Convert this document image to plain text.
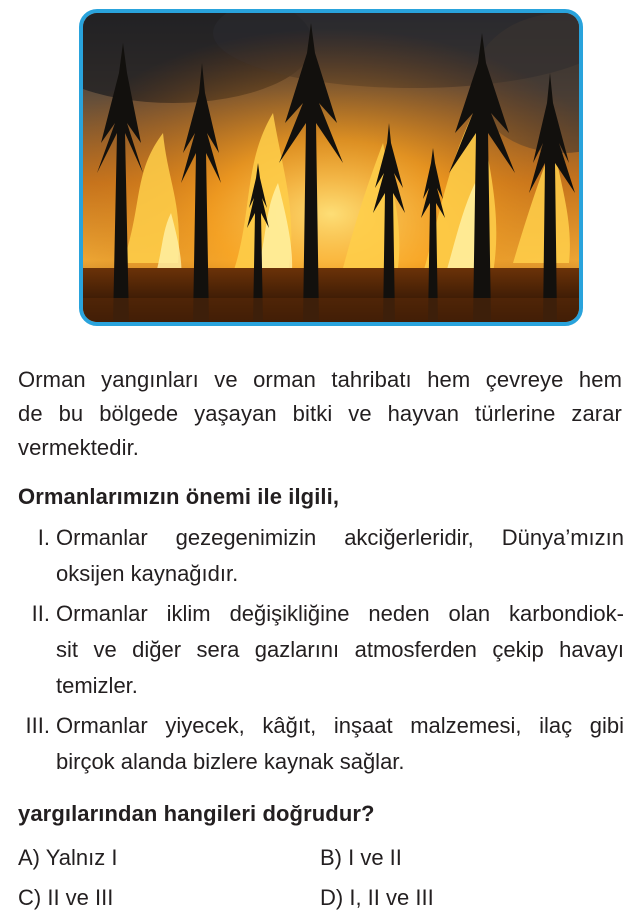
Orman yangınları ve orman tahribatı hem çevreye hem
de bu bölgede yaşayan bitki ve hayvan türlerine zarar
vermektedir.
Ormanlarımızın önemi ile ilgili,
I. Ormanlar gezegenimizin akciğerleridir, Dünya’mızın
oksijen kaynağıdır.
II. Ormanlar iklim değişikliğine neden olan karbondiok-
sit ve diğer sera gazlarını atmosferden çekip havayı
temizler.
III. Ormanlar yiyecek, kâğıt, inşaat malzemesi, ilaç gibi
birçok alanda bizlere kaynak sağlar.
yargılarından hangileri doğrudur?
A) Yalnız I	B) I ve II
C) II ve III	D) I, II ve III
